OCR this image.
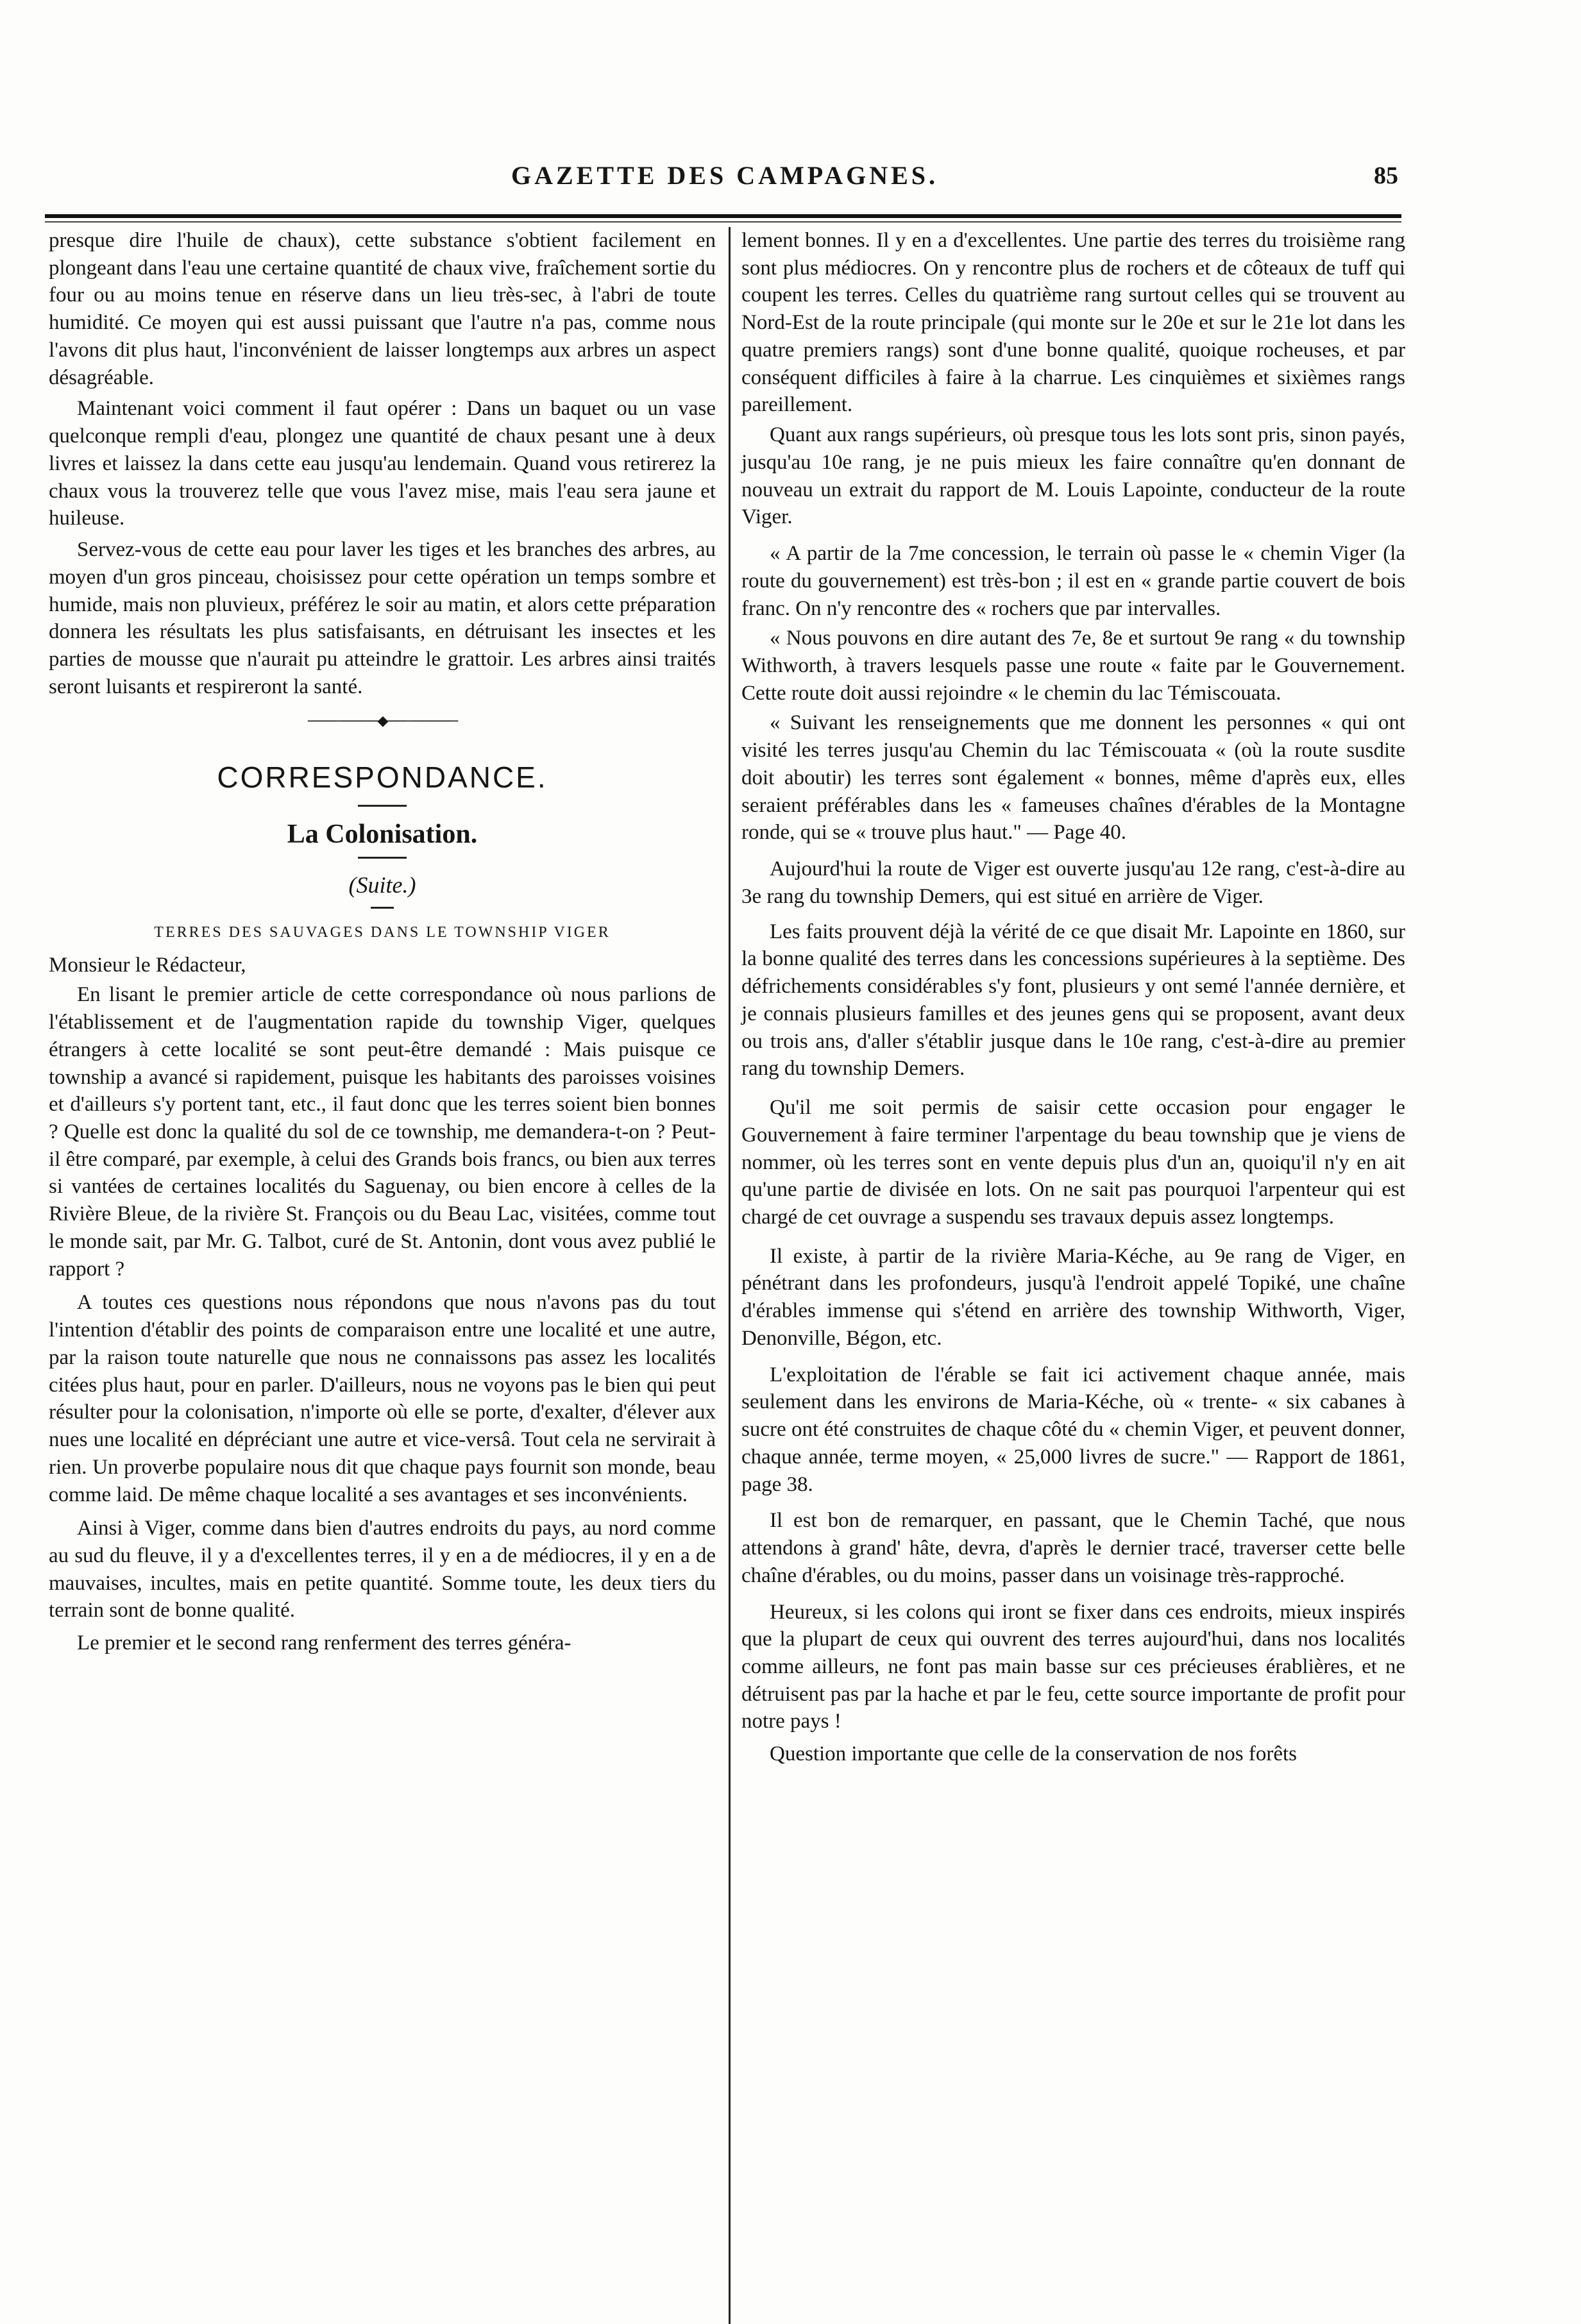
GAZETTE DES CAMPAGNES.	85

presque dire l'huile de chaux), cette substance s'obtient facilement en plongeant dans l'eau une certaine quantité de chaux vive, fraîchement sortie du four ou au moins tenue en réserve dans un lieu très-sec, à l'abri de toute humidité. Ce moyen qui est aussi puissant que l'autre n'a pas, comme nous l'avons dit plus haut, l'inconvénient de laisser longtemps aux arbres un aspect désagréable.

Maintenant voici comment il faut opérer : Dans un baquet ou un vase quelconque rempli d'eau, plongez une quantité de chaux pesant une à deux livres et laissez la dans cette eau jusqu'au lendemain. Quand vous retirerez la chaux vous la trouverez telle que vous l'avez mise, mais l'eau sera jaune et huileuse.

Servez-vous de cette eau pour laver les tiges et les branches des arbres, au moyen d'un gros pinceau, choisissez pour cette opération un temps sombre et humide, mais non pluvieux, préférez le soir au matin, et alors cette préparation donnera les résultats les plus satisfaisants, en détruisant les insectes et les parties de mousse que n'aurait pu atteindre le grattoir. Les arbres ainsi traités seront luisants et respireront la santé.

────────◆────────
CORRESPONDANCE.
La Colonisation.
(Suite.)
TERRES DES SAUVAGES DANS LE TOWNSHIP VIGER

Monsieur le Rédacteur,

En lisant le premier article de cette correspondance où nous parlions de l'établissement et de l'augmentation rapide du township Viger, quelques étrangers à cette localité se sont peut-être demandé : Mais puisque ce township a avancé si rapidement, puisque les habitants des paroisses voisines et d'ailleurs s'y portent tant, etc., il faut donc que les terres soient bien bonnes ? Quelle est donc la qualité du sol de ce township, me demandera-t-on ? Peut-il être comparé, par exemple, à celui des Grands bois francs, ou bien aux terres si vantées de certaines localités du Saguenay, ou bien encore à celles de la Rivière Bleue, de la rivière St. François ou du Beau Lac, visitées, comme tout le monde sait, par Mr. G. Talbot, curé de St. Antonin, dont vous avez publié le rapport ?

A toutes ces questions nous répondons que nous n'avons pas du tout l'intention d'établir des points de comparaison entre une localité et une autre, par la raison toute naturelle que nous ne connaissons pas assez les localités citées plus haut, pour en parler. D'ailleurs, nous ne voyons pas le bien qui peut résulter pour la colonisation, n'importe où elle se porte, d'exalter, d'élever aux nues une localité en dépréciant une autre et vice-versâ. Tout cela ne servirait à rien. Un proverbe populaire nous dit que chaque pays fournit son monde, beau comme laid. De même chaque localité a ses avantages et ses inconvénients.

Ainsi à Viger, comme dans bien d'autres endroits du pays, au nord comme au sud du fleuve, il y a d'excellentes terres, il y en a de médiocres, il y en a de mauvaises, incultes, mais en petite quantité. Somme toute, les deux tiers du terrain sont de bonne qualité.

Le premier et le second rang renferment des terres généra-

lement bonnes. Il y en a d'excellentes. Une partie des terres du troisième rang sont plus médiocres. On y rencontre plus de rochers et de côteaux de tuff qui coupent les terres. Celles du quatrième rang surtout celles qui se trouvent au Nord-Est de la route principale (qui monte sur le 20e et sur le 21e lot dans les quatre premiers rangs) sont d'une bonne qualité, quoique rocheuses, et par conséquent difficiles à faire à la charrue. Les cinquièmes et sixièmes rangs pareillement.

Quant aux rangs supérieurs, où presque tous les lots sont pris, sinon payés, jusqu'au 10e rang, je ne puis mieux les faire connaître qu'en donnant de nouveau un extrait du rapport de M. Louis Lapointe, conducteur de la route Viger.

« A partir de la 7me concession, le terrain où passe le « chemin Viger (la route du gouvernement) est très-bon ; il est en « grande partie couvert de bois franc. On n'y rencontre des « rochers que par intervalles.

« Nous pouvons en dire autant des 7e, 8e et surtout 9e rang « du township Withworth, à travers lesquels passe une route « faite par le Gouvernement. Cette route doit aussi rejoindre « le chemin du lac Témiscouata.

« Suivant les renseignements que me donnent les personnes « qui ont visité les terres jusqu'au Chemin du lac Témiscouata « (où la route susdite doit aboutir) les terres sont également « bonnes, même d'après eux, elles seraient préférables dans les « fameuses chaînes d'érables de la Montagne ronde, qui se « trouve plus haut." — Page 40.

Aujourd'hui la route de Viger est ouverte jusqu'au 12e rang, c'est-à-dire au 3e rang du township Demers, qui est situé en arrière de Viger.

Les faits prouvent déjà la vérité de ce que disait Mr. Lapointe en 1860, sur la bonne qualité des terres dans les concessions supérieures à la septième. Des défrichements considérables s'y font, plusieurs y ont semé l'année dernière, et je connais plusieurs familles et des jeunes gens qui se proposent, avant deux ou trois ans, d'aller s'établir jusque dans le 10e rang, c'est-à-dire au premier rang du township Demers.

Qu'il me soit permis de saisir cette occasion pour engager le Gouvernement à faire terminer l'arpentage du beau township que je viens de nommer, où les terres sont en vente depuis plus d'un an, quoiqu'il n'y en ait qu'une partie de divisée en lots. On ne sait pas pourquoi l'arpenteur qui est chargé de cet ouvrage a suspendu ses travaux depuis assez longtemps.

Il existe, à partir de la rivière Maria-Kéche, au 9e rang de Viger, en pénétrant dans les profondeurs, jusqu'à l'endroit appelé Topiké, une chaîne d'érables immense qui s'étend en arrière des township Withworth, Viger, Denonville, Bégon, etc.

L'exploitation de l'érable se fait ici activement chaque année, mais seulement dans les environs de Maria-Kéche, où « trente- « six cabanes à sucre ont été construites de chaque côté du « chemin Viger, et peuvent donner, chaque année, terme moyen, « 25,000 livres de sucre." — Rapport de 1861, page 38.

Il est bon de remarquer, en passant, que le Chemin Taché, que nous attendons à grand' hâte, devra, d'après le dernier tracé, traverser cette belle chaîne d'érables, ou du moins, passer dans un voisinage très-rapproché.

Heureux, si les colons qui iront se fixer dans ces endroits, mieux inspirés que la plupart de ceux qui ouvrent des terres aujourd'hui, dans nos localités comme ailleurs, ne font pas main basse sur ces précieuses érablières, et ne détruisent pas par la hache et par le feu, cette source importante de profit pour notre pays !

Question importante que celle de la conservation de nos forêts
